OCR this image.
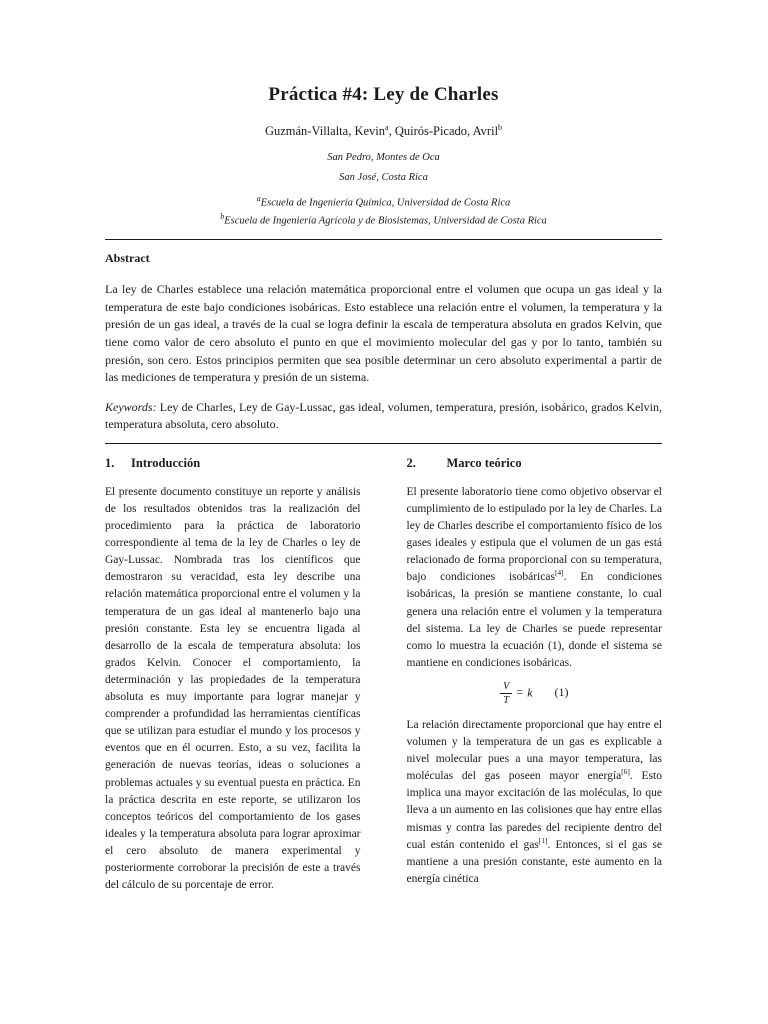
Práctica #4: Ley de Charles
Guzmán-Villalta, Kevin$^a$, Quirós-Picado, Avril$^b$
San Pedro, Montes de Oca
San José, Costa Rica
$^a$Escuela de Ingeniería Química, Universidad de Costa Rica
$^b$Escuela de Ingeniería Agrícola y de Biosistemas, Universidad de Costa Rica
Abstract
La ley de Charles establece una relación matemática proporcional entre el volumen que ocupa un gas ideal y la temperatura de este bajo condiciones isobáricas. Esto establece una relación entre el volumen, la temperatura y la presión de un gas ideal, a través de la cual se logra definir la escala de temperatura absoluta en grados Kelvin, que tiene como valor de cero absoluto el punto en que el movimiento molecular del gas y por lo tanto, también su presión, son cero. Estos principios permiten que sea posible determinar un cero absoluto experimental a partir de las mediciones de temperatura y presión de un sistema.
Keywords: Ley de Charles, Ley de Gay-Lussac, gas ideal, volumen, temperatura, presión, isobárico, grados Kelvin, temperatura absoluta, cero absoluto.
1.	Introducción
El presente documento constituye un reporte y análisis de los resultados obtenidos tras la realización del procedimiento para la práctica de laboratorio correspondiente al tema de la ley de Charles o ley de Gay-Lussac. Nombrada tras los científicos que demostraron su veracidad, esta ley describe una relación matemática proporcional entre el volumen y la temperatura de un gas ideal al mantenerlo bajo una presión constante. Esta ley se encuentra ligada al desarrollo de la escala de temperatura absoluta: los grados Kelvin. Conocer el comportamiento, la determinación y las propiedades de la temperatura absoluta es muy importante para lograr manejar y comprender a profundidad las herramientas científicas que se utilizan para estudiar el mundo y los procesos y eventos que en él ocurren. Esto, a su vez, facilita la generación de nuevas teorías, ideas o soluciones a problemas actuales y su eventual puesta en práctica. En la práctica descrita en este reporte, se utilizaron los conceptos teóricos del comportamiento de los gases ideales y la temperatura absoluta para lograr aproximar el cero absoluto de manera experimental y posteriormente corroborar la precisión de este a través del cálculo de su porcentaje de error.
2.	Marco teórico
El presente laboratorio tiene como objetivo observar el cumplimiento de lo estipulado por la ley de Charles. La ley de Charles describe el comportamiento físico de los gases ideales y estipula que el volumen de un gas está relacionado de forma proporcional con su temperatura, bajo condiciones isobáricas[4]. En condiciones isobáricas, la presión se mantiene constante, lo cual genera una relación entre el volumen y la temperatura del sistema. La ley de Charles se puede representar como lo muestra la ecuación (1), donde el sistema se mantiene en condiciones isobáricas.
$\frac{V}{T} = k$ (1)
La relación directamente proporcional que hay entre el volumen y la temperatura de un gas es explicable a nivel molecular pues a una mayor temperatura, las moléculas del gas poseen mayor energía[6]. Esto implica una mayor excitación de las moléculas, lo que lleva a un aumento en las colisiones que hay entre ellas mismas y contra las paredes del recipiente dentro del cual están contenido el gas[1]. Entonces, si el gas se mantiene a una presión constante, este aumento en la energía cinética
